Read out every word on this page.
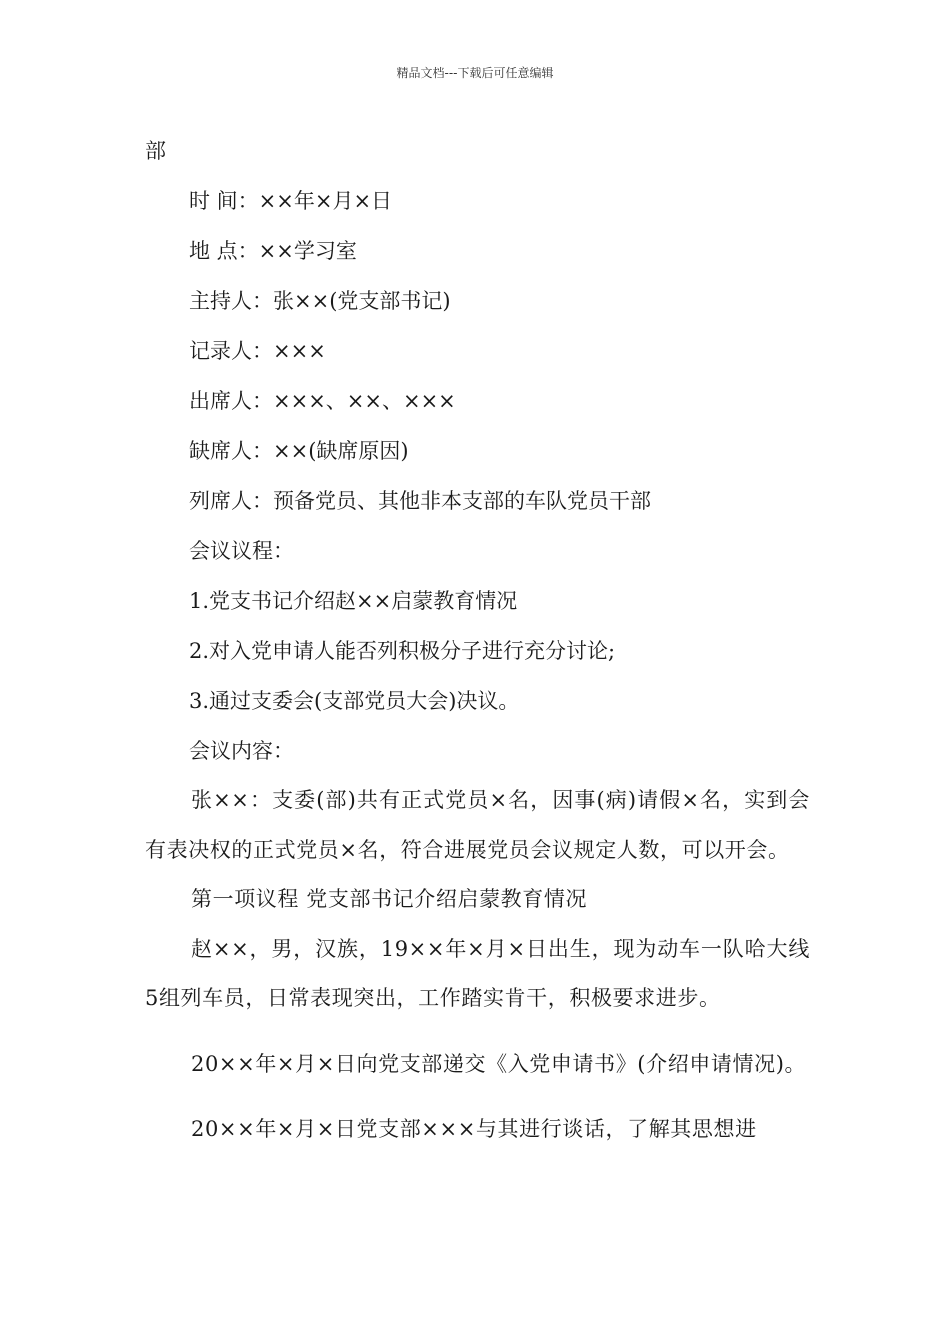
精品文档---下载后可任意编辑
部
时 间：××年×月×日
地 点：××学习室
主持人：张××(党支部书记)
记录人：×××
出席人：×××、××、×××
缺席人：××(缺席原因)
列席人：预备党员、其他非本支部的车队党员干部
会议议程：
1.党支书记介绍赵××启蒙教育情况
2.对入党申请人能否列积极分子进行充分讨论;
3.通过支委会(支部党员大会)决议。
会议内容：
张××：支委(部)共有正式党员×名，因事(病)请假×名，实到会有表决权的正式党员×名，符合进展党员会议规定人数，可以开会。
第一项议程 党支部书记介绍启蒙教育情况
赵××，男，汉族，19××年×月×日出生，现为动车一队哈大线5组列车员，日常表现突出，工作踏实肯干，积极要求进步。
20××年×月×日向党支部递交《入党申请书》(介绍申请情况)。
20××年×月×日党支部×××与其进行谈话，了解其思想进
